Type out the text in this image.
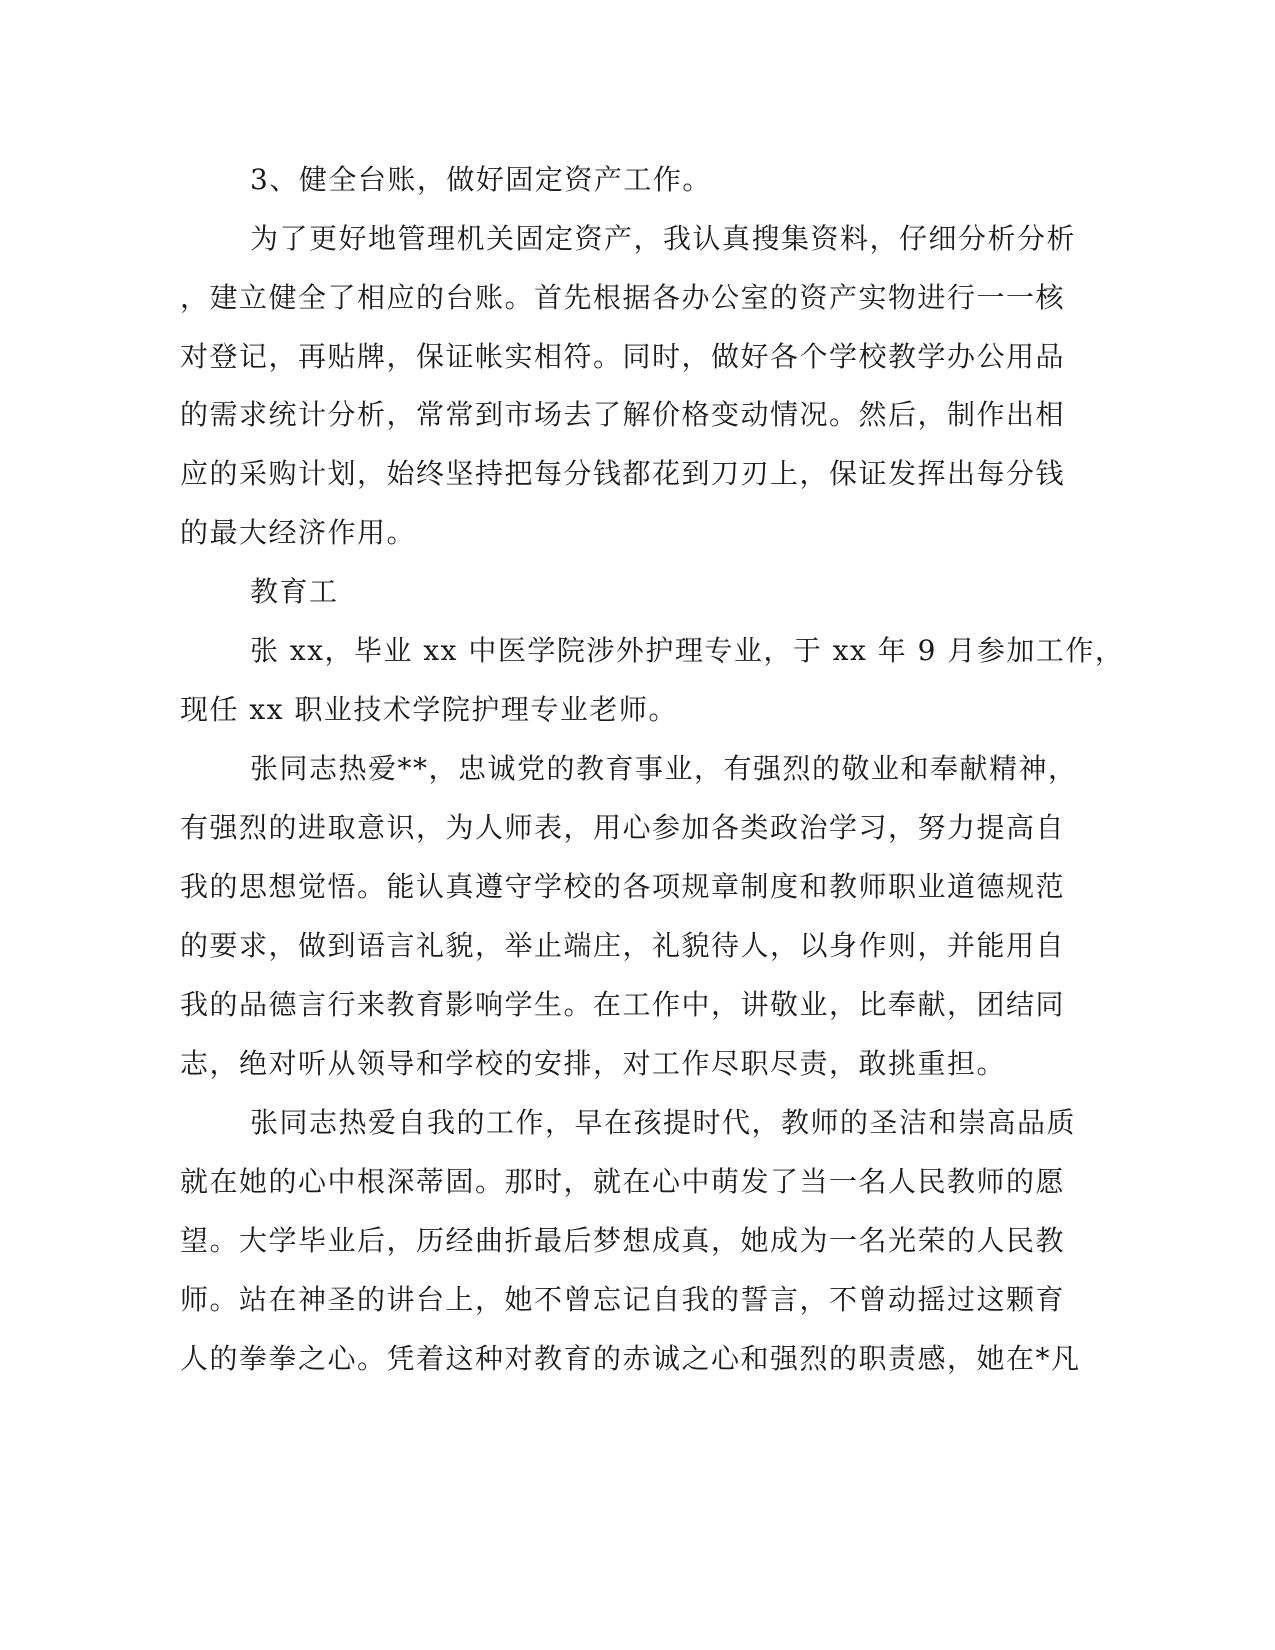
3、健全台账，做好固定资产工作。
为了更好地管理机关固定资产，我认真搜集资料，仔细分析分析
，建立健全了相应的台账。首先根据各办公室的资产实物进行一一核
对登记，再贴牌，保证帐实相符。同时，做好各个学校教学办公用品
的需求统计分析，常常到市场去了解价格变动情况。然后，制作出相
应的采购计划，始终坚持把每分钱都花到刀刃上，保证发挥出每分钱
的最大经济作用。
教育工
张 xx，毕业 xx 中医学院涉外护理专业，于 xx 年 9 月参加工作，
现任 xx 职业技术学院护理专业老师。
张同志热爱**，忠诚党的教育事业，有强烈的敬业和奉献精神，
有强烈的进取意识，为人师表，用心参加各类政治学习，努力提高自
我的思想觉悟。能认真遵守学校的各项规章制度和教师职业道德规范
的要求，做到语言礼貌，举止端庄，礼貌待人，以身作则，并能用自
我的品德言行来教育影响学生。在工作中，讲敬业，比奉献，团结同
志，绝对听从领导和学校的安排，对工作尽职尽责，敢挑重担。
张同志热爱自我的工作，早在孩提时代，教师的圣洁和崇高品质
就在她的心中根深蒂固。那时，就在心中萌发了当一名人民教师的愿
望。大学毕业后，历经曲折最后梦想成真，她成为一名光荣的人民教
师。站在神圣的讲台上，她不曾忘记自我的誓言，不曾动摇过这颗育
人的拳拳之心。凭着这种对教育的赤诚之心和强烈的职责感，她在*凡
